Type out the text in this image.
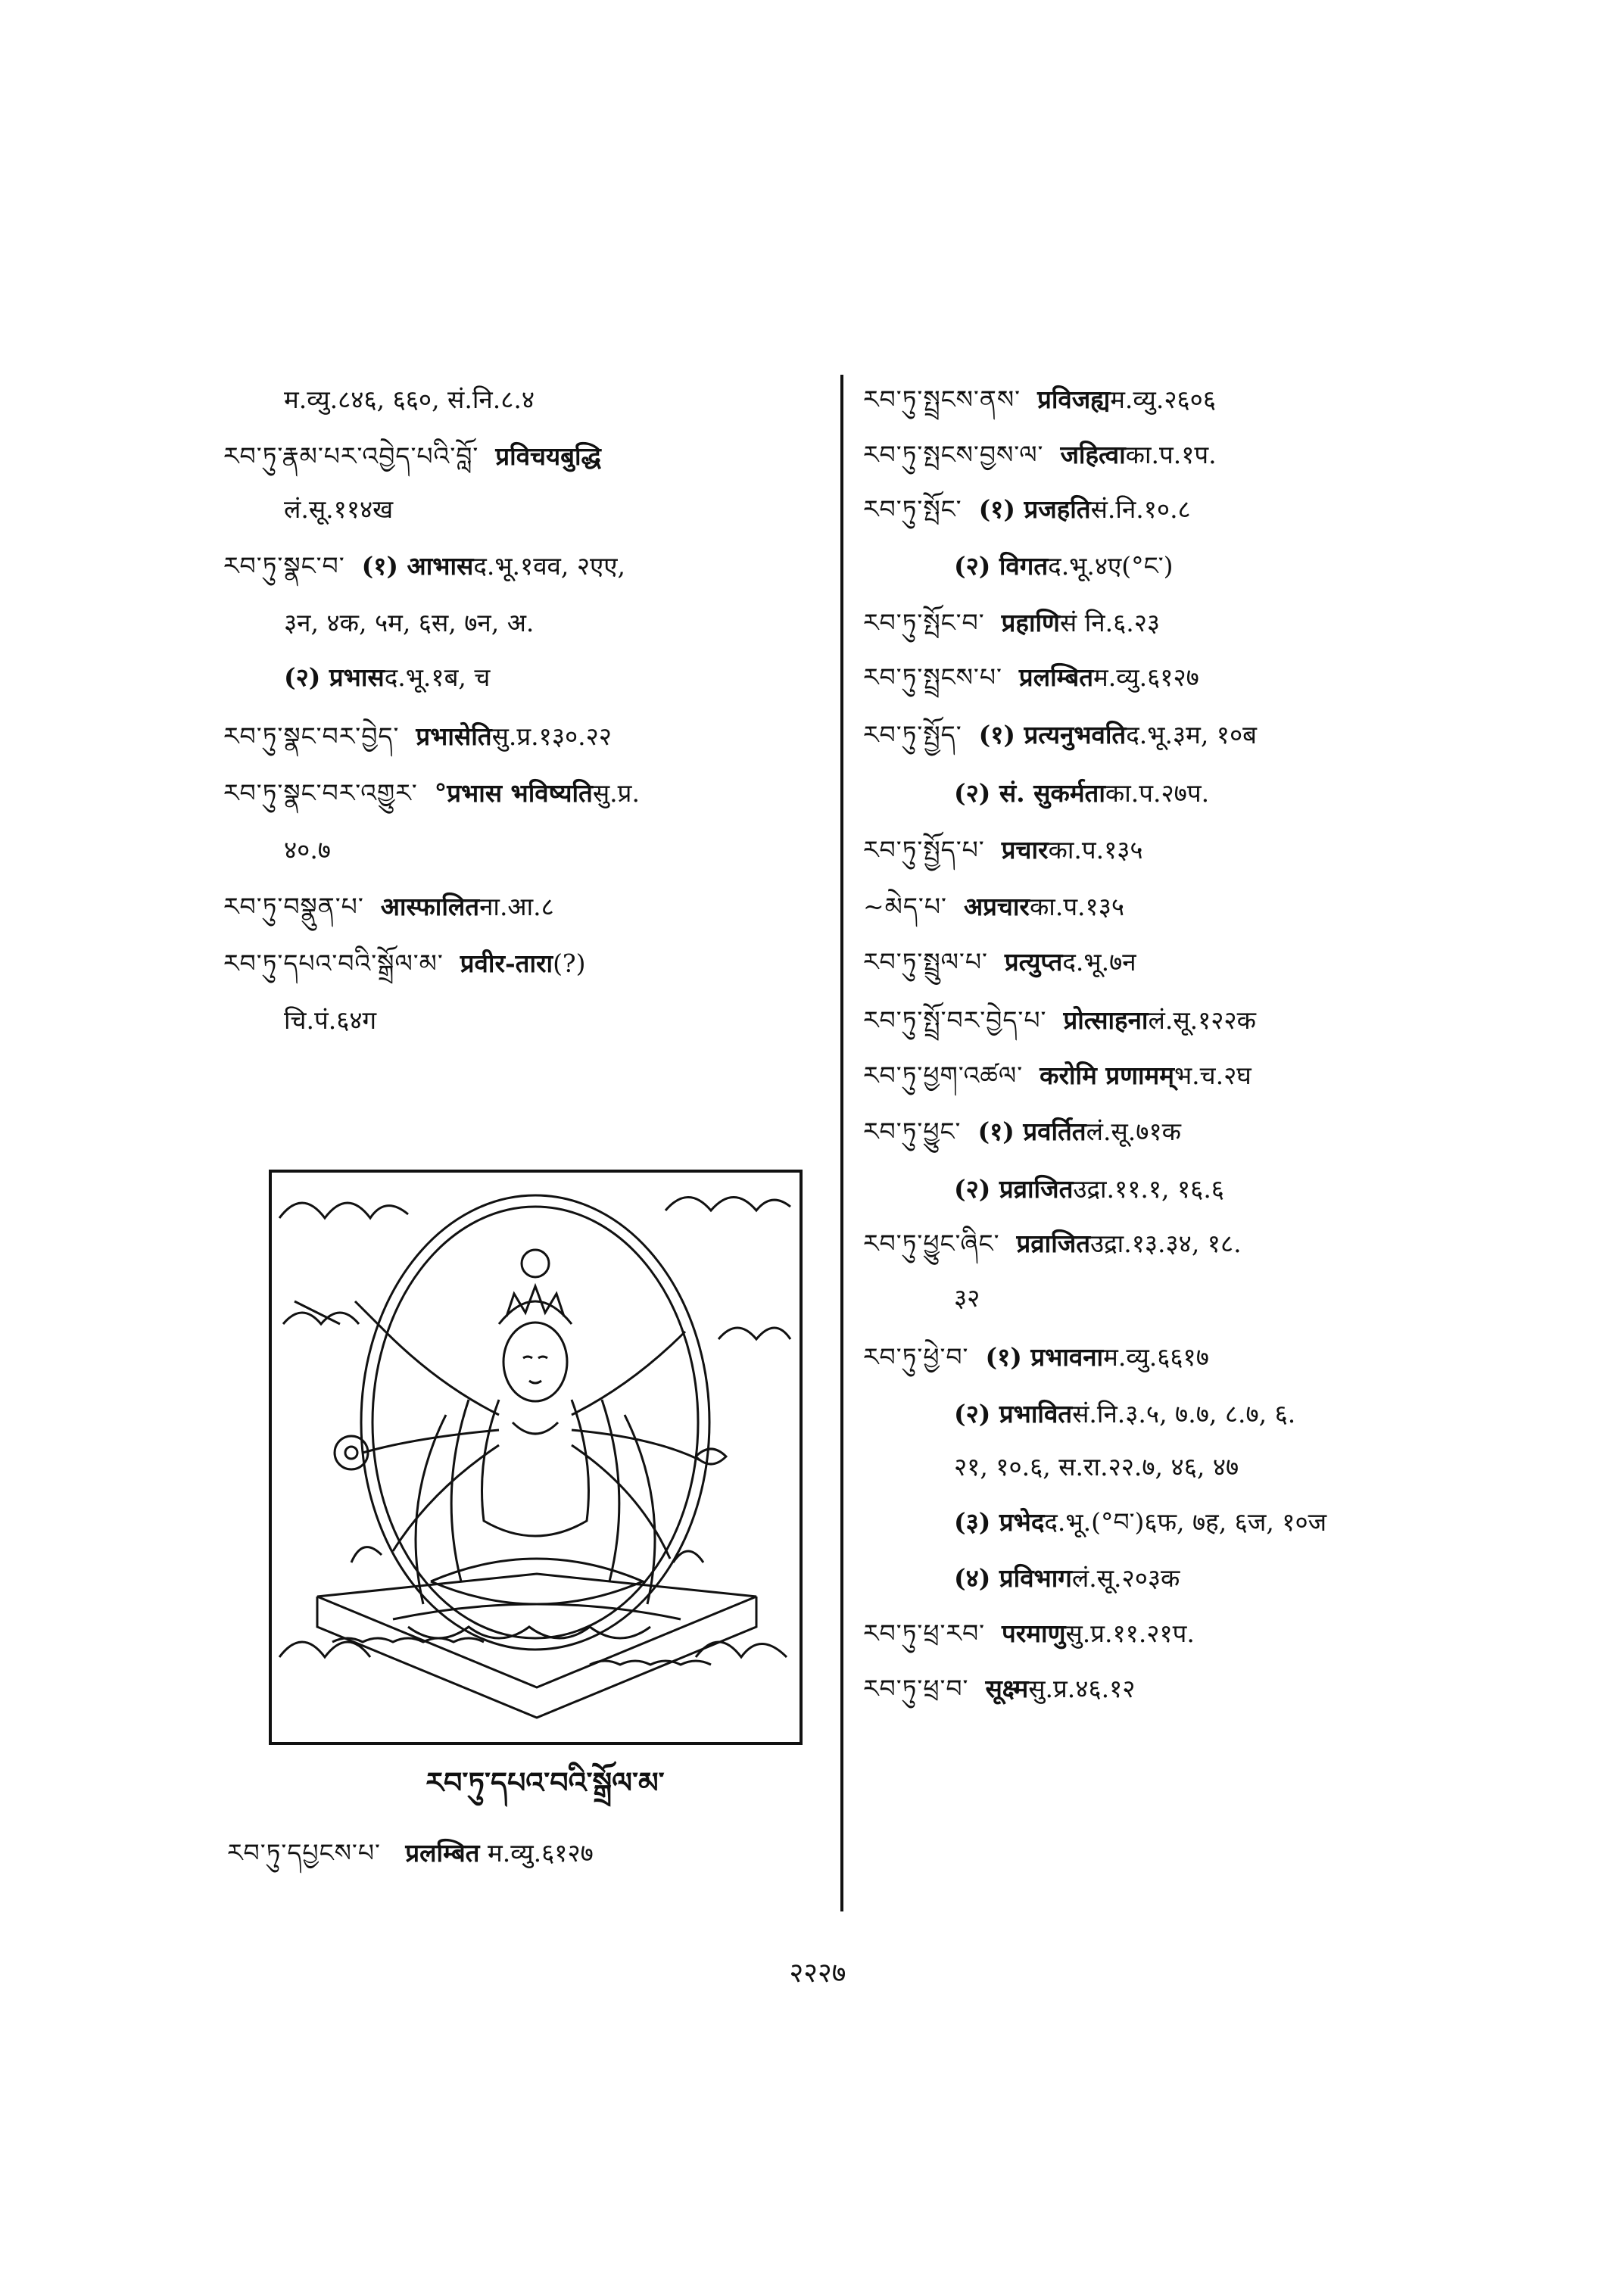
म.व्यु.८४६, ६६०, सं.नि.८.४
རབ་ཏུ་རྣམ་པར་འབྱེད་པའི་བློ་ प्रविचयबुद्धि
लं.सू.११४ख
རབ་ཏུ་སྣང་བ་ (१) आभासद.भू.१वव, २एए,
३न, ४क, ५म, ६स, ७न, अ.
(२) प्रभासद.भू.१ब, च
རབ་ཏུ་སྣང་བར་བྱེད་ प्रभासेतिसु.प्र.१३०.२२
རབ་ཏུ་སྣང་བར་འགྱུར་ °प्रभास भविष्यतिसु.प्र.
४०.७
རབ་ཏུ་བསྣུན་པ་ आस्फालितना.आ.८
རབ་ཏུ་དཔའ་བའི་སྒྲོལ་མ་ प्रवीर-तारा(?)
चि.पं.६४ग
རབ་ཏུ་སྤྲངས་ནས་ प्रविजह्यम.व्यु.२६०६
རབ་ཏུ་སྤངས་བྱས་ལ་ जहित्वाका.प.१प.
རབ་ཏུ་སྤོང་ (१) प्रजहतिसं.नि.१०.८
(२) विगतद.भू.४ए(°ང་)
རབ་ཏུ་སྤོང་བ་ प्रहाणिसं नि.६.२३
རབ་ཏུ་སྤྲངས་པ་ प्रलम्बितम.व्यु.६१२७
རབ་ཏུ་སྤྱོད་ (१) प्रत्यनुभवतिद.भू.३म, १०ब
(२) सं. सुकर्मताका.प.२७प.
རབ་ཏུ་སྤྱོད་པ་ प्रचारका.प.१३५
~མེད་པ་ अप्रचारका.प.१३५
རབ་ཏུ་སྤྲུལ་པ་ प्रत्युप्तद.भू.७न
རབ་ཏུ་སྤྲོ་བར་བྱེད་པ་ प्रोत्साहनालं.सू.१२२क
རབ་ཏུ་ཕྱག་འཚལ་ करोमि प्रणामम्भ.च.२घ
རབ་ཏུ་ཕྱུང་ (१) प्रवर्तितलं.सू.७१क
(२) प्रव्राजितउद्रा.११.१, १६.६
རབ་ཏུ་ཕྱུང་ཞིང་ प्रव्राजितउद्रा.१३.३४, १८.
३२
རབ་ཏུ་ཕྱེ་བ་ (१) प्रभावनाम.व्यु.६६१७
(२) प्रभावितसं.नि.३.५, ७.७, ८.७, ६.
२१, १०.६, स.रा.२२.७, ४६, ४७
(३) प्रभेदद.भू.(°བ་)६फ, ७ह, ६ज, १०ज
(४) प्रविभागलं.सू.२०३क
རབ་ཏུ་ཕྲ་རབ་ परमाणुसु.प्र.११.२१प.
རབ་ཏུ་ཕྲ་བ་ सूक्ष्मसु.प्र.४६.१२
རབ་ཏུ་དཔའ་བའི་སྒྲོལ་མ་
རབ་ཏུ་དཔྱངས་པ་ प्रलम्बित म.व्यु.६१२७
२२२७
